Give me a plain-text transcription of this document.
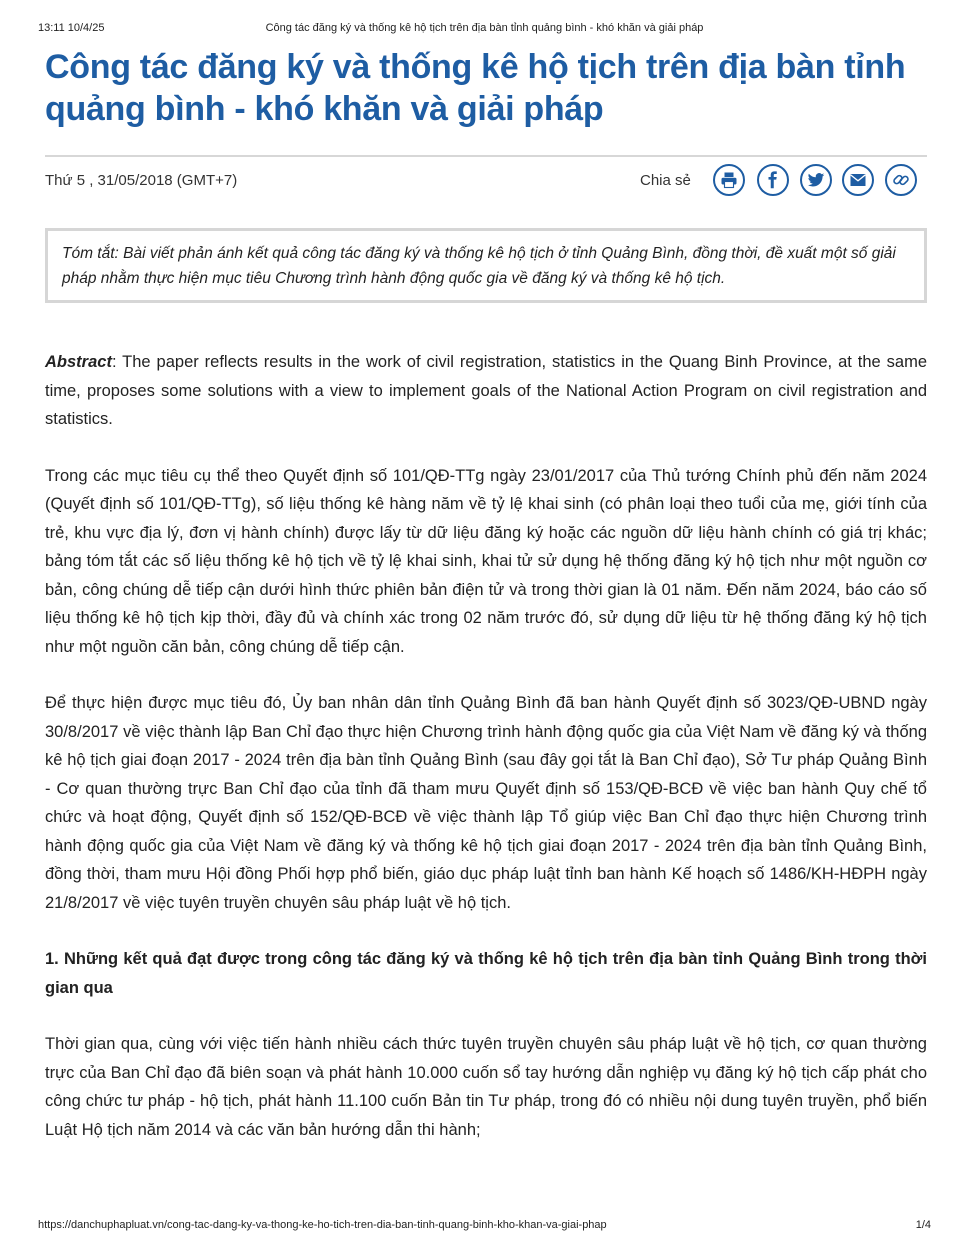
13:11 10/4/25	Công tác đăng ký và thống kê hộ tịch trên địa bàn tỉnh quảng bình - khó khăn và giải pháp
Công tác đăng ký và thống kê hộ tịch trên địa bàn tỉnh quảng bình - khó khăn và giải pháp
Thứ 5 , 31/05/2018 (GMT+7)	Chia sẻ
Tóm tắt: Bài viết phản ánh kết quả công tác đăng ký và thống kê hộ tịch ở tỉnh Quảng Bình, đồng thời, đề xuất một số giải pháp nhằm thực hiện mục tiêu Chương trình hành động quốc gia về đăng ký và thống kê hộ tịch.

Abstract: The paper reflects results in the work of civil registration, statistics in the Quang Binh Province, at the same time, proposes some solutions with a view to implement goals of the National Action Program on civil registration and statistics.

Trong các mục tiêu cụ thể theo Quyết định số 101/QĐ-TTg ngày 23/01/2017 của Thủ tướng Chính phủ đến năm 2024 (Quyết định số 101/QĐ-TTg), số liệu thống kê hàng năm về tỷ lệ khai sinh (có phân loại theo tuổi của mẹ, giới tính của trẻ, khu vực địa lý, đơn vị hành chính) được lấy từ dữ liệu đăng ký hoặc các nguồn dữ liệu hành chính có giá trị khác; bảng tóm tắt các số liệu thống kê hộ tịch về tỷ lệ khai sinh, khai tử sử dụng hệ thống đăng ký hộ tịch như một nguồn cơ bản, công chúng dễ tiếp cận dưới hình thức phiên bản điện tử và trong thời gian là 01 năm. Đến năm 2024, báo cáo số liệu thống kê hộ tịch kịp thời, đầy đủ và chính xác trong 02 năm trước đó, sử dụng dữ liệu từ hệ thống đăng ký hộ tịch như một nguồn căn bản, công chúng dễ tiếp cận.

Để thực hiện được mục tiêu đó, Ủy ban nhân dân tỉnh Quảng Bình đã ban hành Quyết định số 3023/QĐ-UBND ngày 30/8/2017 về việc thành lập Ban Chỉ đạo thực hiện Chương trình hành động quốc gia của Việt Nam về đăng ký và thống kê hộ tịch giai đoạn 2017 - 2024 trên địa bàn tỉnh Quảng Bình (sau đây gọi tắt là Ban Chỉ đạo), Sở Tư pháp Quảng Bình - Cơ quan thường trực Ban Chỉ đạo của tỉnh đã tham mưu Quyết định số 153/QĐ-BCĐ về việc ban hành Quy chế tổ chức và hoạt động, Quyết định số 152/QĐ-BCĐ về việc thành lập Tổ giúp việc Ban Chỉ đạo thực hiện Chương trình hành động quốc gia của Việt Nam về đăng ký và thống kê hộ tịch giai đoạn 2017 - 2024 trên địa bàn tỉnh Quảng Bình, đồng thời, tham mưu Hội đồng Phối hợp phổ biến, giáo dục pháp luật tỉnh ban hành Kế hoạch số 1486/KH-HĐPH ngày 21/8/2017 về việc tuyên truyền chuyên sâu pháp luật về hộ tịch.

1. Những kết quả đạt được trong công tác đăng ký và thống kê hộ tịch trên địa bàn tỉnh Quảng Bình trong thời gian qua

Thời gian qua, cùng với việc tiến hành nhiều cách thức tuyên truyền chuyên sâu pháp luật về hộ tịch, cơ quan thường trực của Ban Chỉ đạo đã biên soạn và phát hành 10.000 cuốn sổ tay hướng dẫn nghiệp vụ đăng ký hộ tịch cấp phát cho công chức tư pháp - hộ tịch, phát hành 11.100 cuốn Bản tin Tư pháp, trong đó có nhiều nội dung tuyên truyền, phổ biến Luật Hộ tịch năm 2014 và các văn bản hướng dẫn thi hành;

https://danchuphapluat.vn/cong-tac-dang-ky-va-thong-ke-ho-tich-tren-dia-ban-tinh-quang-binh-kho-khan-va-giai-phap	1/4
